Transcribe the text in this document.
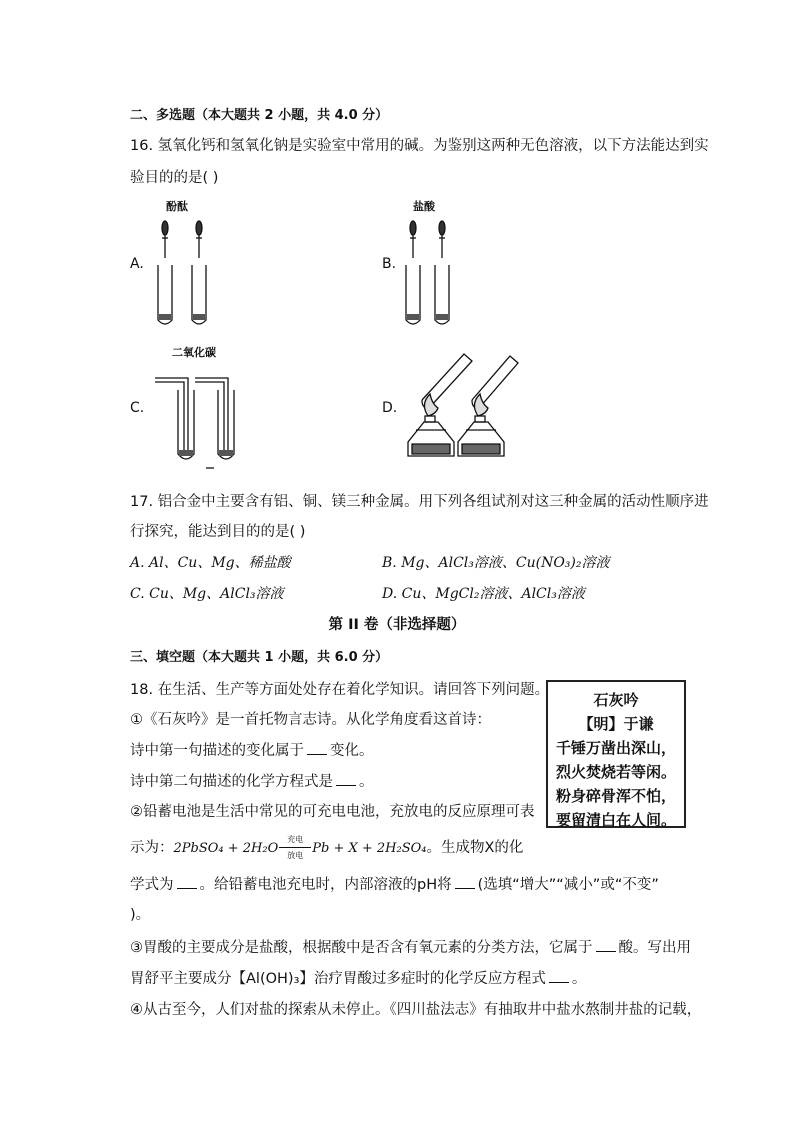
二、多选题（本大题共 2 小题，共 4.0 分）
16. 氢氧化钙和氢氧化钠是实验室中常用的碱。为鉴别这两种无色溶液，以下方法能达到实
验目的的是( )
A.
酚酞
B.
盐酸
C.
二氧化碳
D.
17. 铝合金中主要含有铝、铜、镁三种金属。用下列各组试剂对这三种金属的活动性顺序进
行探究，能达到目的的是( )
A. Al、Cu、Mg、稀盐酸	B. Mg、AlCl₃溶液、Cu(NO₃)₂溶液
C. Cu、Mg、AlCl₃溶液	D. Cu、MgCl₂溶液、AlCl₃溶液
第 II 卷（非选择题）
三、填空题（本大题共 1 小题，共 6.0 分）
18. 在生活、生产等方面处处存在着化学知识。请回答下列问题。
①《石灰吟》是一首托物言志诗。从化学角度看这首诗：
诗中第一句描述的变化属于 变化。
诗中第二句描述的化学方程式是 。
②铅蓄电池是生活中常见的可充电电池，充放电的反应原理可表
示为：2PbSO₄ + 2H₂O
充电
放电 Pb + X + 2H₂SO₄。生成物X的化
学式为 。给铅蓄电池充电时，内部溶液的pH将 (选填“增大”“减小”或“不变”
)。
③胃酸的主要成分是盐酸，根据酸中是否含有氧元素的分类方法，它属于 酸。写出用
胃舒平主要成分【Al(OH)₃】治疗胃酸过多症时的化学反应方程式 。
④从古至今，人们对盐的探索从未停止。《四川盐法志》有抽取井中盐水熬制井盐的记载，
石灰吟
【明】于谦
千锤万凿出深山，
烈火焚烧若等闲。
粉身碎骨浑不怕，
要留清白在人间。
